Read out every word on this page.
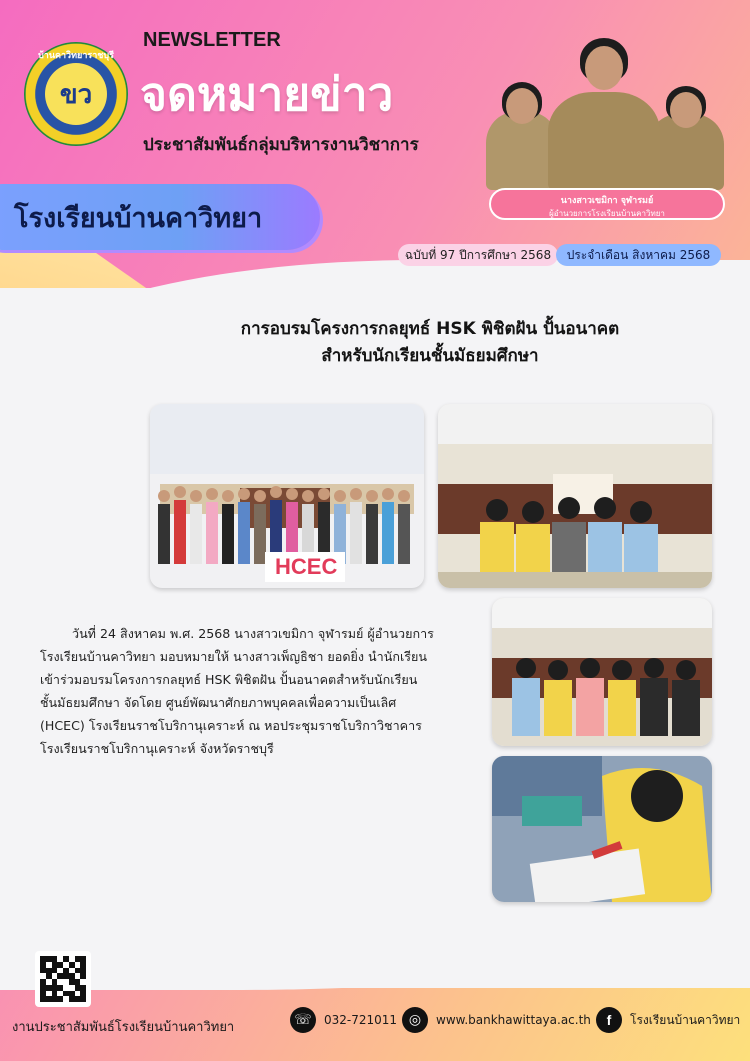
บ้านคาวิทยาราชบุรี
ขว
NEWSLETTER
จดหมายข่าว
ประชาสัมพันธ์กลุ่มบริหารงานวิชาการ
โรงเรียนบ้านคาวิทยา
นางสาวเขมิกา จุฬารมย์
ผู้อำนวยการโรงเรียนบ้านคาวิทยา
ฉบับที่ 97 ปีการศึกษา 2568	ประจำเดือน สิงหาคม 2568
การอบรมโครงการกลยุทธ์ HSK พิชิตฝัน ปั้นอนาคต
สำหรับนักเรียนชั้นมัธยมศึกษา
HCEC
วันที่ 24 สิงหาคม พ.ศ. 2568 นางสาวเขมิกา จุฬารมย์ ผู้อำนวยการ
โรงเรียนบ้านคาวิทยา มอบหมายให้ นางสาวเพ็ญธิชา ยอดยิ่ง นำนักเรียน
เข้าร่วมอบรมโครงการกลยุทธ์ HSK พิชิตฝัน ปั้นอนาคตสำหรับนักเรียน
ชั้นมัธยมศึกษา จัดโดย ศูนย์พัฒนาศักยภาพบุคคลเพื่อความเป็นเลิศ
(HCEC) โรงเรียนราชโบริกานุเคราะห์ ณ หอประชุมราชโบริกาวิชาคาร
โรงเรียนราชโบริกานุเคราะห์ จังหวัดราชบุรี
งานประชาสัมพันธ์โรงเรียนบ้านคาวิทยา	☏	032-721011 ◎	www.bankhawittaya.ac.th	f	โรงเรียนบ้านคาวิทยา
